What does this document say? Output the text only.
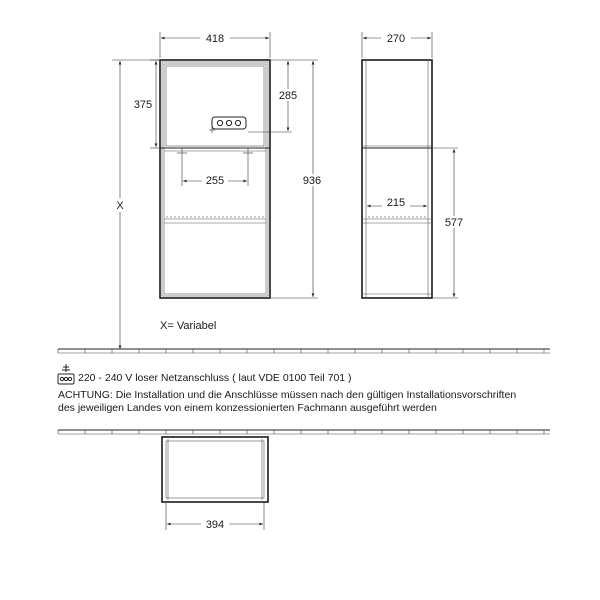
418
375
285
936
255
X
270
215
577
X= Variabel
220 - 240 V loser Netzanschluss ( laut VDE 0100 Teil 701 )
ACHTUNG: Die Installation und die Anschlüsse müssen nach den gültigen Installationsvorschriften
des jeweiligen Landes von einem konzessionierten Fachmann ausgeführt werden
394
